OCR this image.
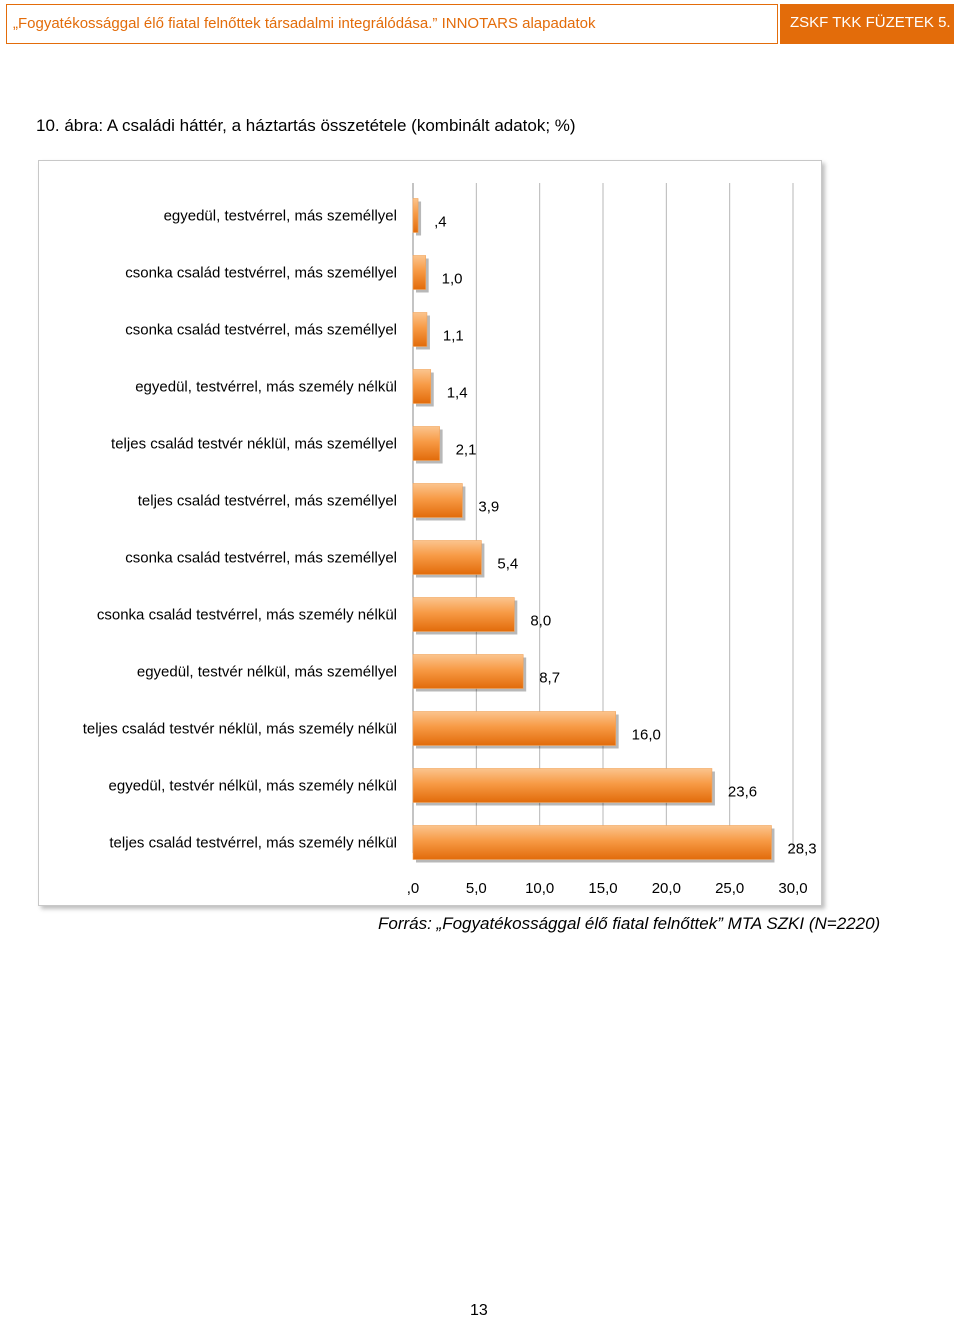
„Fogyatékossággal élő fiatal felnőttek társadalmi integrálódása.” INNOTARS alapadatok	ZSKF TKK FÜZETEK 5.
10. ábra: A családi háttér, a háztartás összetétele (kombinált adatok; %)
egyedül, testvérrel, más személlyel ,4
csonka család testvérrel, más személlyel	1,0
csonka család testvérrel, más személlyel	1,1
egyedül, testvérrel, más személy nélkül	1,4
teljes család testvér néklül, más személlyel	2,1
teljes család testvérrel, más személlyel	3,9
csonka család testvérrel, más személlyel	5,4
csonka család testvérrel, más személy nélkül	8,0
egyedül, testvér nélkül, más személlyel	8,7
teljes család testvér néklül, más személy nélkül	16,0
egyedül, testvér nélkül, más személy nélkül	23,6
teljes család testvérrel, más személy nélkül	28,3
,0	5,0	10,0 15,0 20,0 25,0 30,0
Forrás: „Fogyatékossággal élő fiatal felnőttek” MTA SZKI (N=2220)
13
